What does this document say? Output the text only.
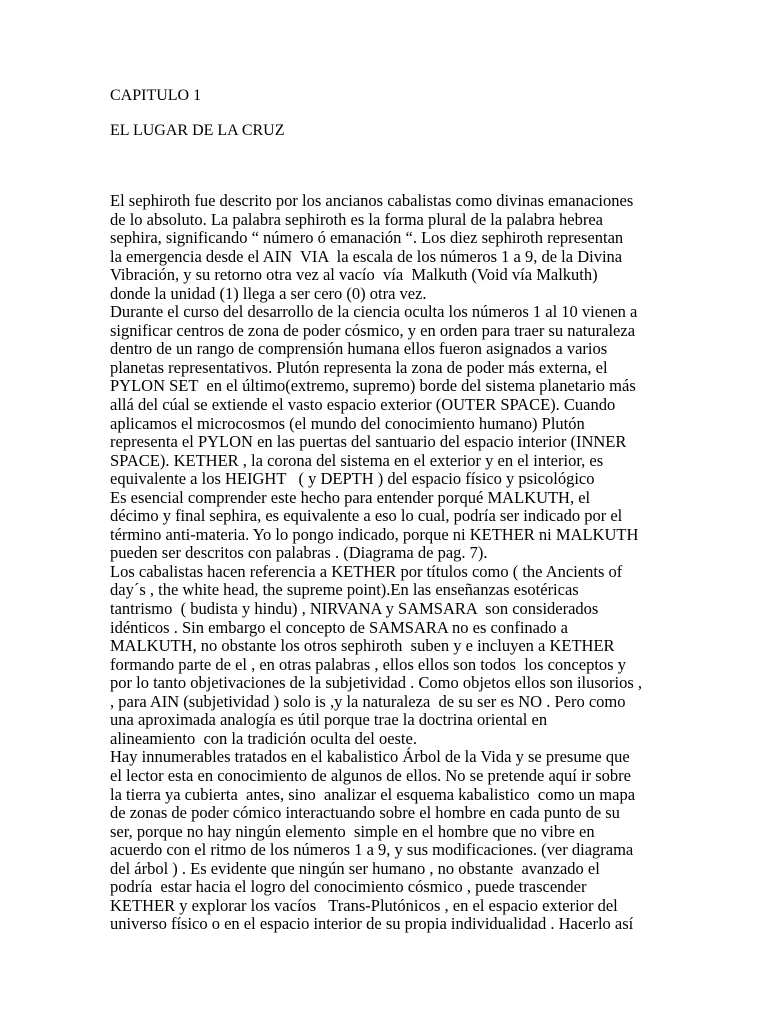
CAPITULO 1
EL LUGAR DE LA CRUZ
El sephiroth fue descrito por los ancianos cabalistas como divinas emanaciones
de lo absoluto. La palabra sephiroth es la forma plural de la palabra hebrea
sephira, significando “ número ó emanación “. Los diez sephiroth representan
la emergencia desde el AIN  VIA  la escala de los números 1 a 9, de la Divina
Vibración, y su retorno otra vez al vacío  vía  Malkuth (Void vía Malkuth)
donde la unidad (1) llega a ser cero (0) otra vez.
Durante el curso del desarrollo de la ciencia oculta los números 1 al 10 vienen a
significar centros de zona de poder cósmico, y en orden para traer su naturaleza
dentro de un rango de comprensión humana ellos fueron asignados a varios
planetas representativos. Plutón representa la zona de poder más externa, el
PYLON SET  en el último(extremo, supremo) borde del sistema planetario más
allá del cúal se extiende el vasto espacio exterior (OUTER SPACE). Cuando
aplicamos el microcosmos (el mundo del conocimiento humano) Plutón
representa el PYLON en las puertas del santuario del espacio interior (INNER
SPACE). KETHER , la corona del sistema en el exterior y en el interior, es
equivalente a los HEIGHT   ( y DEPTH ) del espacio físico y psicológico
Es esencial comprender este hecho para entender porqué MALKUTH, el
décimo y final sephira, es equivalente a eso lo cual, podría ser indicado por el
término anti-materia. Yo lo pongo indicado, porque ni KETHER ni MALKUTH
pueden ser descritos con palabras . (Diagrama de pag. 7).
Los cabalistas hacen referencia a KETHER por títulos como ( the Ancients of
day´s , the white head, the supreme point).En las enseñanzas esotéricas
tantrismo  ( budista y hindu) , NIRVANA y SAMSARA  son considerados
idénticos . Sin embargo el concepto de SAMSARA no es confinado a
MALKUTH, no obstante los otros sephiroth  suben y e incluyen a KETHER
formando parte de el , en otras palabras , ellos ellos son todos  los conceptos y
por lo tanto objetivaciones de la subjetividad . Como objetos ellos son ilusorios ,
, para AIN (subjetividad ) solo is ,y la naturaleza  de su ser es NO . Pero como
una aproximada analogía es útil porque trae la doctrina oriental en
alineamiento  con la tradición oculta del oeste.
Hay innumerables tratados en el kabalistico Árbol de la Vida y se presume que
el lector esta en conocimiento de algunos de ellos. No se pretende aquí ir sobre
la tierra ya cubierta  antes, sino  analizar el esquema kabalistico  como un mapa
de zonas de poder cómico interactuando sobre el hombre en cada punto de su
ser, porque no hay ningún elemento  simple en el hombre que no vibre en
acuerdo con el ritmo de los números 1 a 9, y sus modificaciones. (ver diagrama
del árbol ) . Es evidente que ningún ser humano , no obstante  avanzado el
podría  estar hacia el logro del conocimiento cósmico , puede trascender
KETHER y explorar los vacíos   Trans-Plutónicos , en el espacio exterior del
universo físico o en el espacio interior de su propia individualidad . Hacerlo así
